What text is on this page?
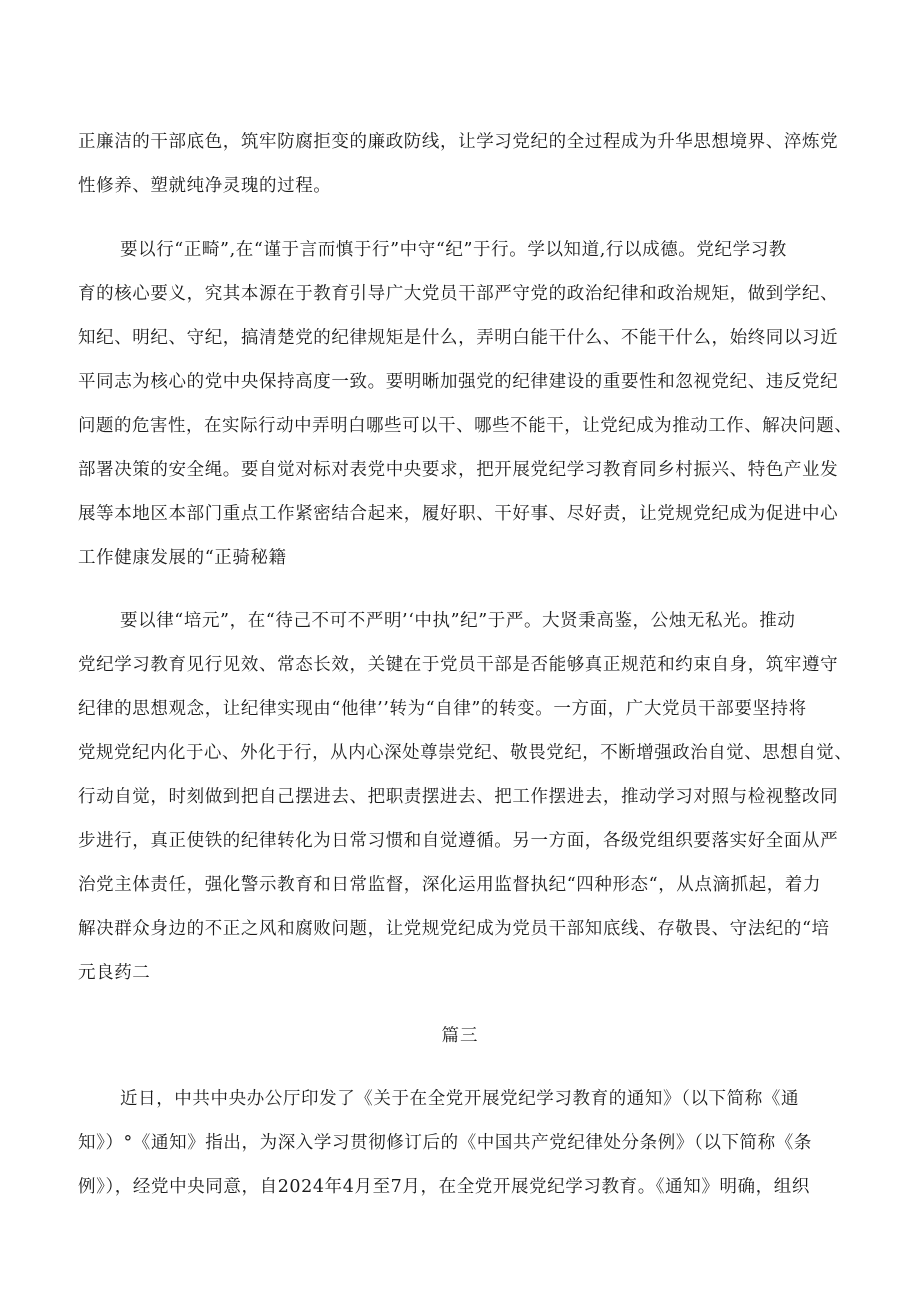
正廉洁的干部底色，筑牢防腐拒变的廉政防线，让学习党纪的全过程成为升华思想境界、淬炼党
性修养、塑就纯净灵瑰的过程。
要以行“正畸”,在“谨于言而慎于行”中守“纪”于行。学以知道,行以成德。党纪学习教
育的核心要义，究其本源在于教育引导广大党员干部严守党的政治纪律和政治规矩，做到学纪、
知纪、明纪、守纪，搞清楚党的纪律规矩是什么，弄明白能干什么、不能干什么，始终同以习近
平同志为核心的党中央保持高度一致。要明晰加强党的纪律建设的重要性和忽视党纪、违反党纪
问题的危害性，在实际行动中弄明白哪些可以干、哪些不能干，让党纪成为推动工作、解决问题、
部署决策的安全绳。要自觉对标对表党中央要求，把开展党纪学习教育同乡村振兴、特色产业发
展等本地区本部门重点工作紧密结合起来，履好职、干好事、尽好责，让党规党纪成为促进中心
工作健康发展的“正骑秘籍
要以律“培元”，在“待己不可不严明’‘中执”纪”于严。大贤秉高鉴，公烛无私光。推动
党纪学习教育见行见效、常态长效，关键在于党员干部是否能够真正规范和约束自身，筑牢遵守
纪律的思想观念，让纪律实现由“他律’’转为“自律”的转变。一方面，广大党员干部要坚持将
党规党纪内化于心、外化于行，从内心深处尊崇党纪、敬畏党纪，不断增强政治自觉、思想自觉、
行动自觉，时刻做到把自己摆进去、把职责摆进去、把工作摆进去，推动学习对照与检视整改同
步进行，真正使铁的纪律转化为日常习惯和自觉遵循。另一方面，各级党组织要落实好全面从严
治党主体责任，强化警示教育和日常监督，深化运用监督执纪“四种形态“，从点滴抓起，着力
解决群众身边的不正之风和腐败问题，让党规党纪成为党员干部知底线、存敬畏、守法纪的“培
元良药二
篇三
近日，中共中央办公厅印发了《关于在全党开展党纪学习教育的通知》（以下简称《通
知》）°《通知》指出，为深入学习贯彻修订后的《中国共产党纪律处分条例》（以下简称《条
例》），经党中央同意，自2024年4月至7月，在全党开展党纪学习教育。《通知》明确，组织
